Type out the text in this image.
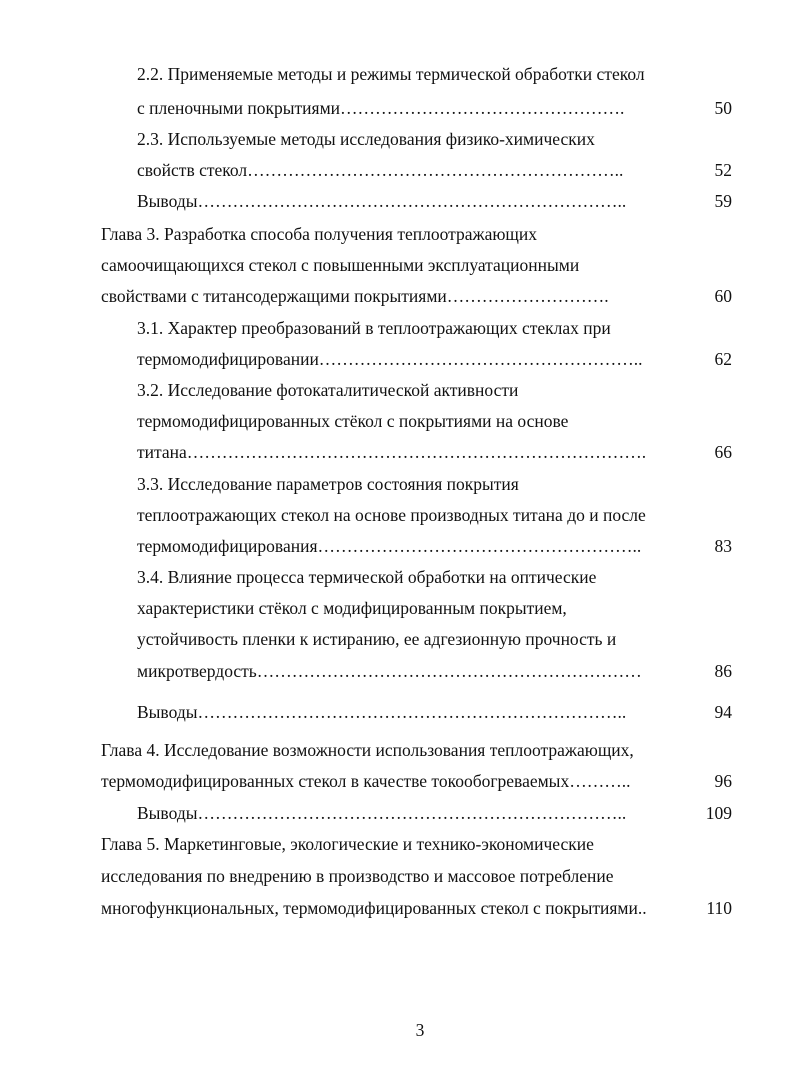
2.2. Применяемые методы и режимы термической обработки стекол
с пленочными покрытиями………………………………………….	50
2.3. Используемые методы исследования физико-химических
свойств стекол………………………………………………………..	52
Выводы………………………………………………………………..	59
Глава 3. Разработка способа получения теплоотражающих
самоочищающихся стекол с повышенными эксплуатационными
свойствами с титансодержащими покрытиями……………………….	60
3.1. Характер преобразований в теплоотражающих стеклах при
термомодифицировании………………………………………………..	62
3.2. Исследование фотокаталитической активности
термомодифицированных стёкол с покрытиями на основе
титана…………………………………………………………………….	66
3.3. Исследование параметров состояния покрытия
теплоотражающих стекол на основе производных титана до и после
термомодифицирования………………………………………………..	83
3.4. Влияние процесса термической обработки на оптические
характеристики стёкол с модифицированным покрытием,
устойчивость пленки к истиранию, ее адгезионную прочность и
микротвердость…………………………………………………………	86
Выводы………………………………………………………………..	94
Глава 4. Исследование возможности использования теплоотражающих,
термомодифицированных стекол в качестве токообогреваемых………..	96
Выводы………………………………………………………………..	109
Глава 5. Маркетинговые, экологические и технико-экономические
исследования по внедрению в производство и массовое потребление
многофункциональных, термомодифицированных стекол с покрытиями..	110
3
